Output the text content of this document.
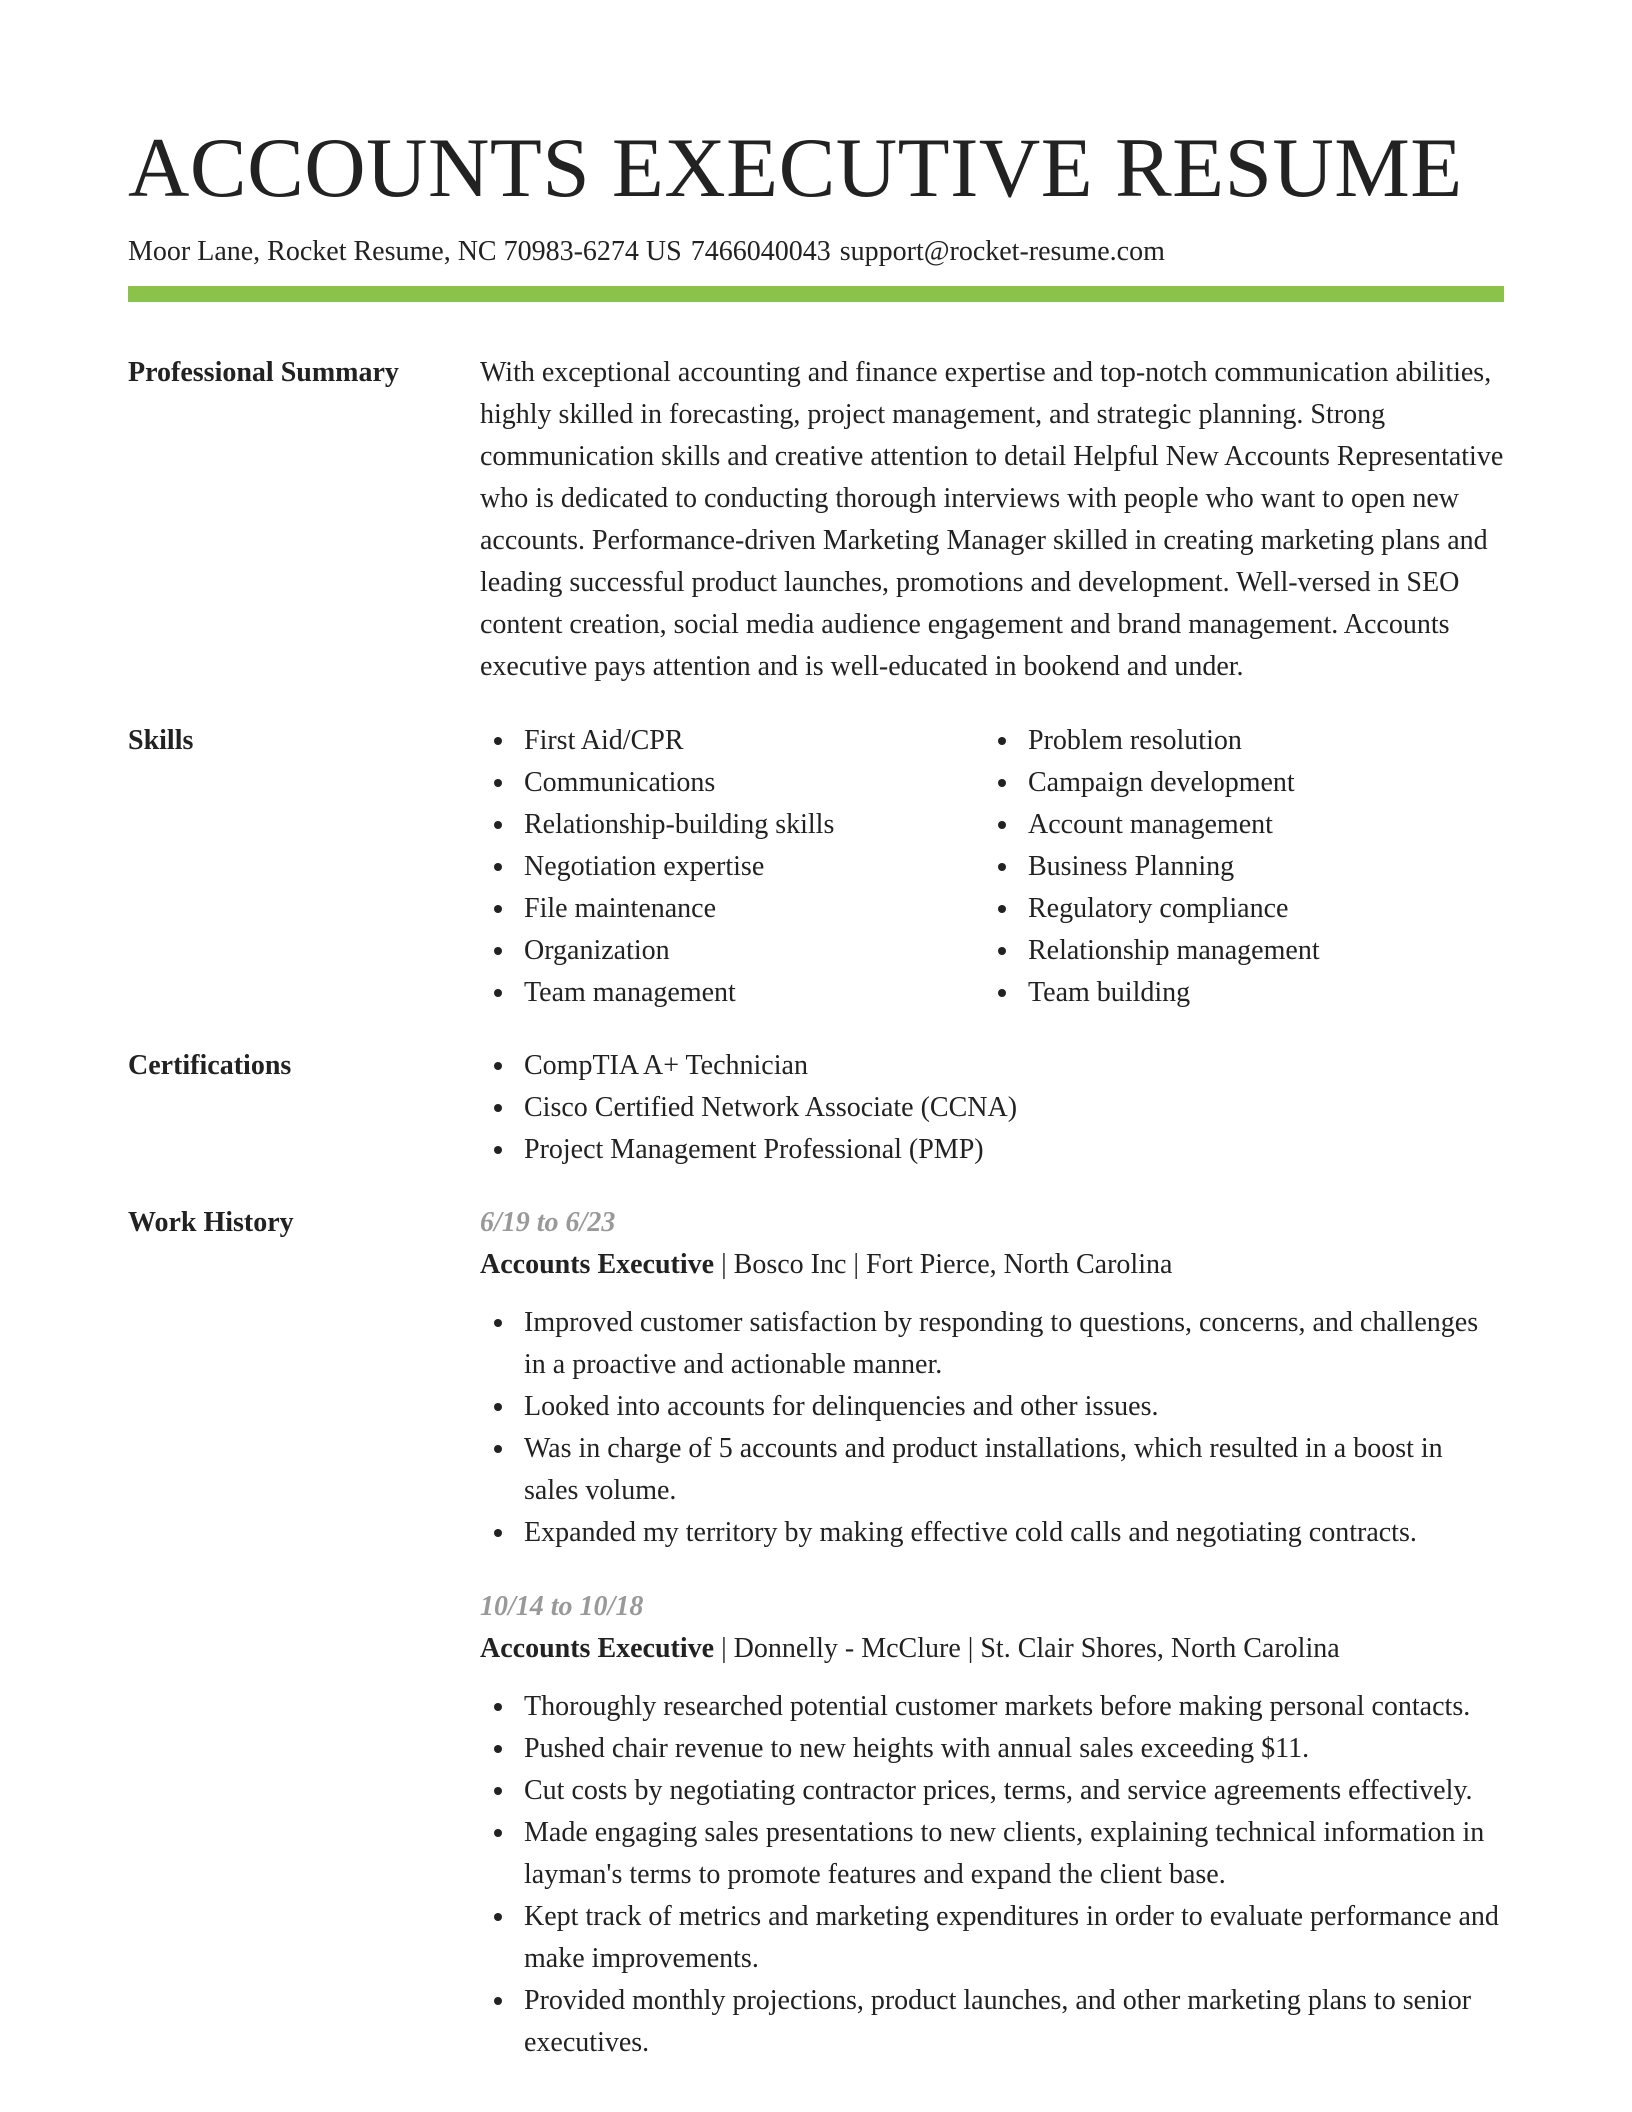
ACCOUNTS EXECUTIVE RESUME
Moor Lane, Rocket Resume, NC 70983-6274 US 7466040043 support@rocket-resume.com
Professional Summary	With exceptional accounting and finance expertise and top-notch communication abilities, highly skilled in forecasting, project management, and strategic planning. Strong communication skills and creative attention to detail Helpful New Accounts Representative who is dedicated to conducting thorough interviews with people who want to open new accounts. Performance-driven Marketing Manager skilled in creating marketing plans and leading successful product launches, promotions and development. Well-versed in SEO content creation, social media audience engagement and brand management. Accounts executive pays attention and is well-educated in bookend and under.

Skills	First Aid/CPR
Communications
Relationship-building skills
Negotiation expertise
File maintenance
Organization
Team management
Problem resolution
Campaign development
Account management
Business Planning
Regulatory compliance
Relationship management
Team building
Certifications	CompTIA A+ Technician
Cisco Certified Network Associate (CCNA)
Project Management Professional (PMP)
Work History	6/19 to 6/23
Accounts Executive | Bosco Inc | Fort Pierce, North Carolina
Improved customer satisfaction by responding to questions, concerns, and challenges in a proactive and actionable manner.
Looked into accounts for delinquencies and other issues.
Was in charge of 5 accounts and product installations, which resulted in a boost in sales volume.
Expanded my territory by making effective cold calls and negotiating contracts.
10/14 to 10/18
Accounts Executive | Donnelly - McClure | St. Clair Shores, North Carolina
Thoroughly researched potential customer markets before making personal contacts.
Pushed chair revenue to new heights with annual sales exceeding $11.
Cut costs by negotiating contractor prices, terms, and service agreements effectively.
Made engaging sales presentations to new clients, explaining technical information in layman's terms to promote features and expand the client base.
Kept track of metrics and marketing expenditures in order to evaluate performance and make improvements.
Provided monthly projections, product launches, and other marketing plans to senior executives.
